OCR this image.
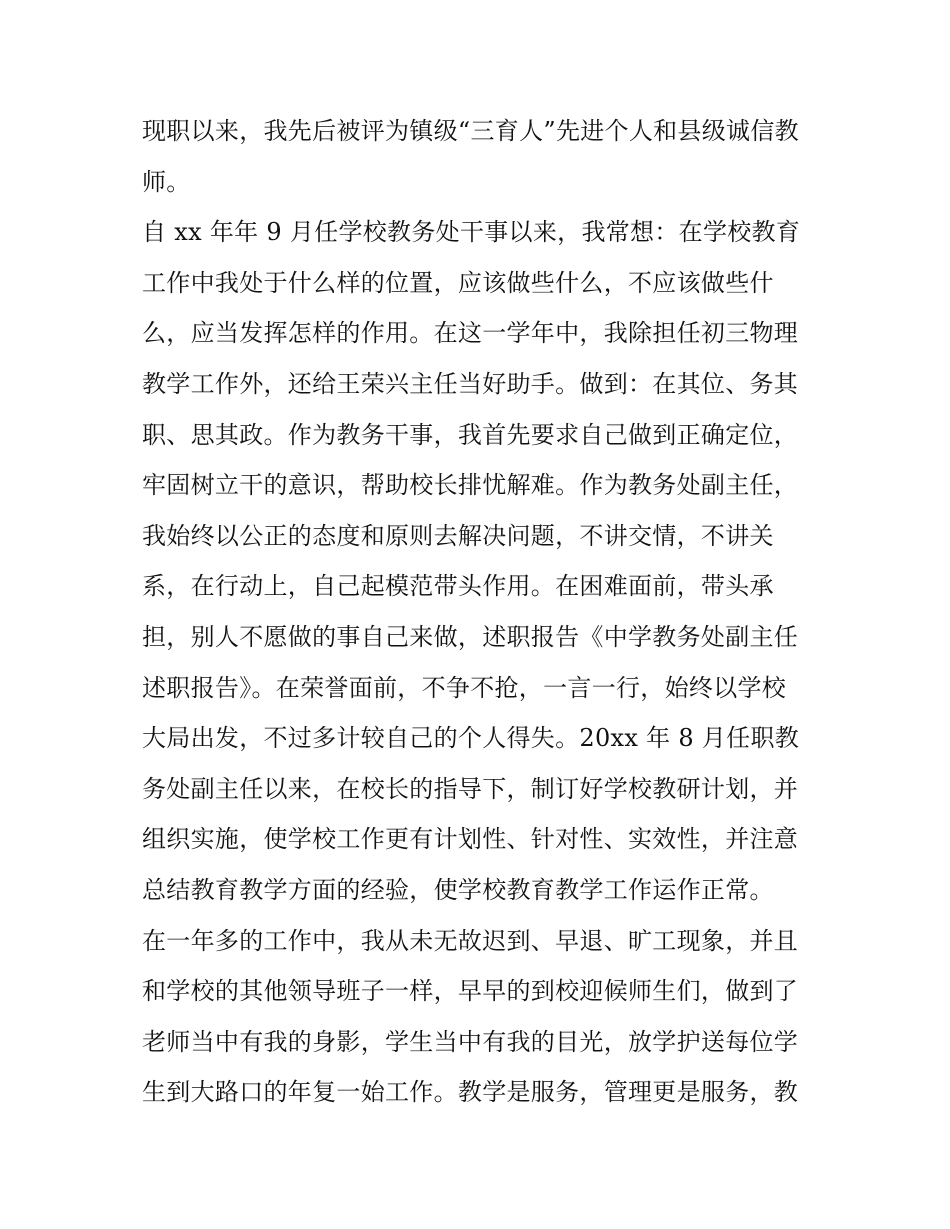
现职以来，我先后被评为镇级“三育人”先进个人和县级诚信教
师。
自 xx 年年 9 月任学校教务处干事以来，我常想：在学校教育
工作中我处于什么样的位置，应该做些什么，不应该做些什
么，应当发挥怎样的作用。在这一学年中，我除担任初三物理
教学工作外，还给王荣兴主任当好助手。做到：在其位、务其
职、思其政。作为教务干事，我首先要求自己做到正确定位，
牢固树立干的意识，帮助校长排忧解难。作为教务处副主任，
我始终以公正的态度和原则去解决问题，不讲交情，不讲关
系，在行动上，自己起模范带头作用。在困难面前，带头承
担，别人不愿做的事自己来做，述职报告《中学教务处副主任
述职报告》。在荣誉面前，不争不抢，一言一行，始终以学校
大局出发，不过多计较自己的个人得失。20xx 年 8 月任职教
务处副主任以来，在校长的指导下，制订好学校教研计划，并
组织实施，使学校工作更有计划性、针对性、实效性，并注意
总结教育教学方面的经验，使学校教育教学工作运作正常。
在一年多的工作中，我从未无故迟到、早退、旷工现象，并且
和学校的其他领导班子一样，早早的到校迎候师生们，做到了
老师当中有我的身影，学生当中有我的目光，放学护送每位学
生到大路口的年复一始工作。教学是服务，管理更是服务，教
